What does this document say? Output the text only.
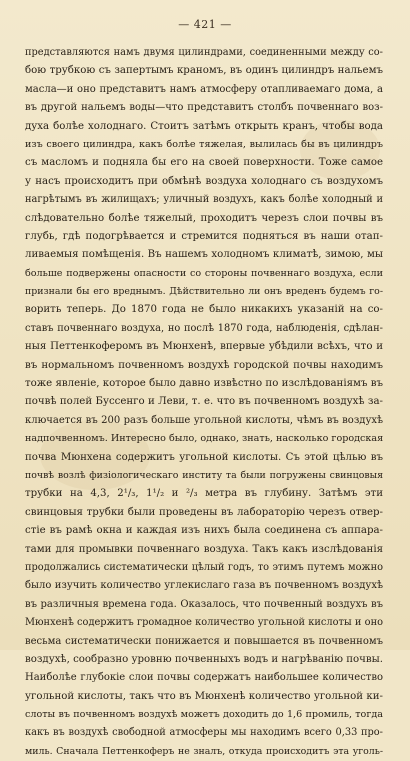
— 421 —
представляются намъ двумя цилиндрами, соединенными между со-
бою трубкою съ запертымъ краномъ, въ одинъ цилиндръ нальемъ
масла—и оно представитъ намъ атмосферу отапливаемаго дома, а
въ другой нальемъ воды—что представитъ столбъ почвеннаго воз-
духа болѣе холоднаго. Стоитъ затѣмъ открыть кранъ, чтобы вода
изъ своего цилиндра, какъ болѣе тяжелая, вылилась бы въ цилиндръ
съ масломъ и подняла бы его на своей поверхности. Тоже самое
у насъ происходитъ при обмѣнѣ воздуха холоднаго съ воздухомъ
нагрѣтымъ въ жилищахъ; уличный воздухъ, какъ болѣе холодный и
слѣдовательно болѣе тяжелый, проходитъ черезъ слои почвы въ
глубь, гдѣ подогрѣвается и стремится подняться въ наши отап-
ливаемыя помѣщенія. Въ нашемъ холодномъ климатѣ, зимою, мы
больше подвержены опасности со стороны почвеннаго воздуха, если
признали бы его вреднымъ. Дѣйствительно ли онъ вреденъ будемъ го-
ворить теперь. До 1870 года не было никакихъ указаній на со-
ставъ почвеннаго воздуха, но послѣ 1870 года, наблюденія, сдѣлан-
ныя Петтенкоферомъ въ Мюнхенѣ, впервые убѣдили всѣхъ, что и
въ нормальномъ почвенномъ воздухѣ городской почвы находимъ
тоже явленіе, которое было давно извѣстно по изслѣдованіямъ въ
почвѣ полей Буссенго и Леви, т. е. что въ почвенномъ воздухѣ за-
ключается въ 200 разъ больше угольной кислоты, чѣмъ въ воздухѣ
надпочвенномъ. Интересно было, однако, знать, насколько городская
почва Мюнхена содержитъ угольной кислоты. Съ этой цѣлью въ
почвѣ возлѣ физіологическаго институ та были погружены свинцовыя
трубки на 4,3, 2¹/₃, 1¹/₂ и ²/₃ метра въ глубину. Затѣмъ эти
свинцовыя трубки были проведены въ лабораторію черезъ отвер-
стіе въ рамѣ окна и каждая изъ нихъ была соединена съ аппара-
тами для промывки почвеннаго воздуха. Такъ какъ изслѣдованія
продолжались систематически цѣлый годъ, то этимъ путемъ можно
было изучить количество углекислаго газа въ почвенномъ воздухѣ
въ различныя времена года. Оказалось, что почвенный воздухъ въ
Мюнхенѣ содержитъ громадное количество угольной кислоты и оно
весьма систематически понижается и повышается въ почвенномъ
воздухѣ, сообразно уровню почвенныхъ водъ и нагрѣванію почвы.
Наиболѣе глубокіе слои почвы содержатъ наибольшее количество
угольной кислоты, такъ что въ Мюнхенѣ количество угольной ки-
слоты въ почвенномъ воздухѣ можетъ доходить до 1,6 промиль, тогда
какъ въ воздухѣ свободной атмосферы мы находимъ всего 0,33 про-
миль. Сначала Петтенкоферъ не зналъ, откуда происходитъ эта уголь-
